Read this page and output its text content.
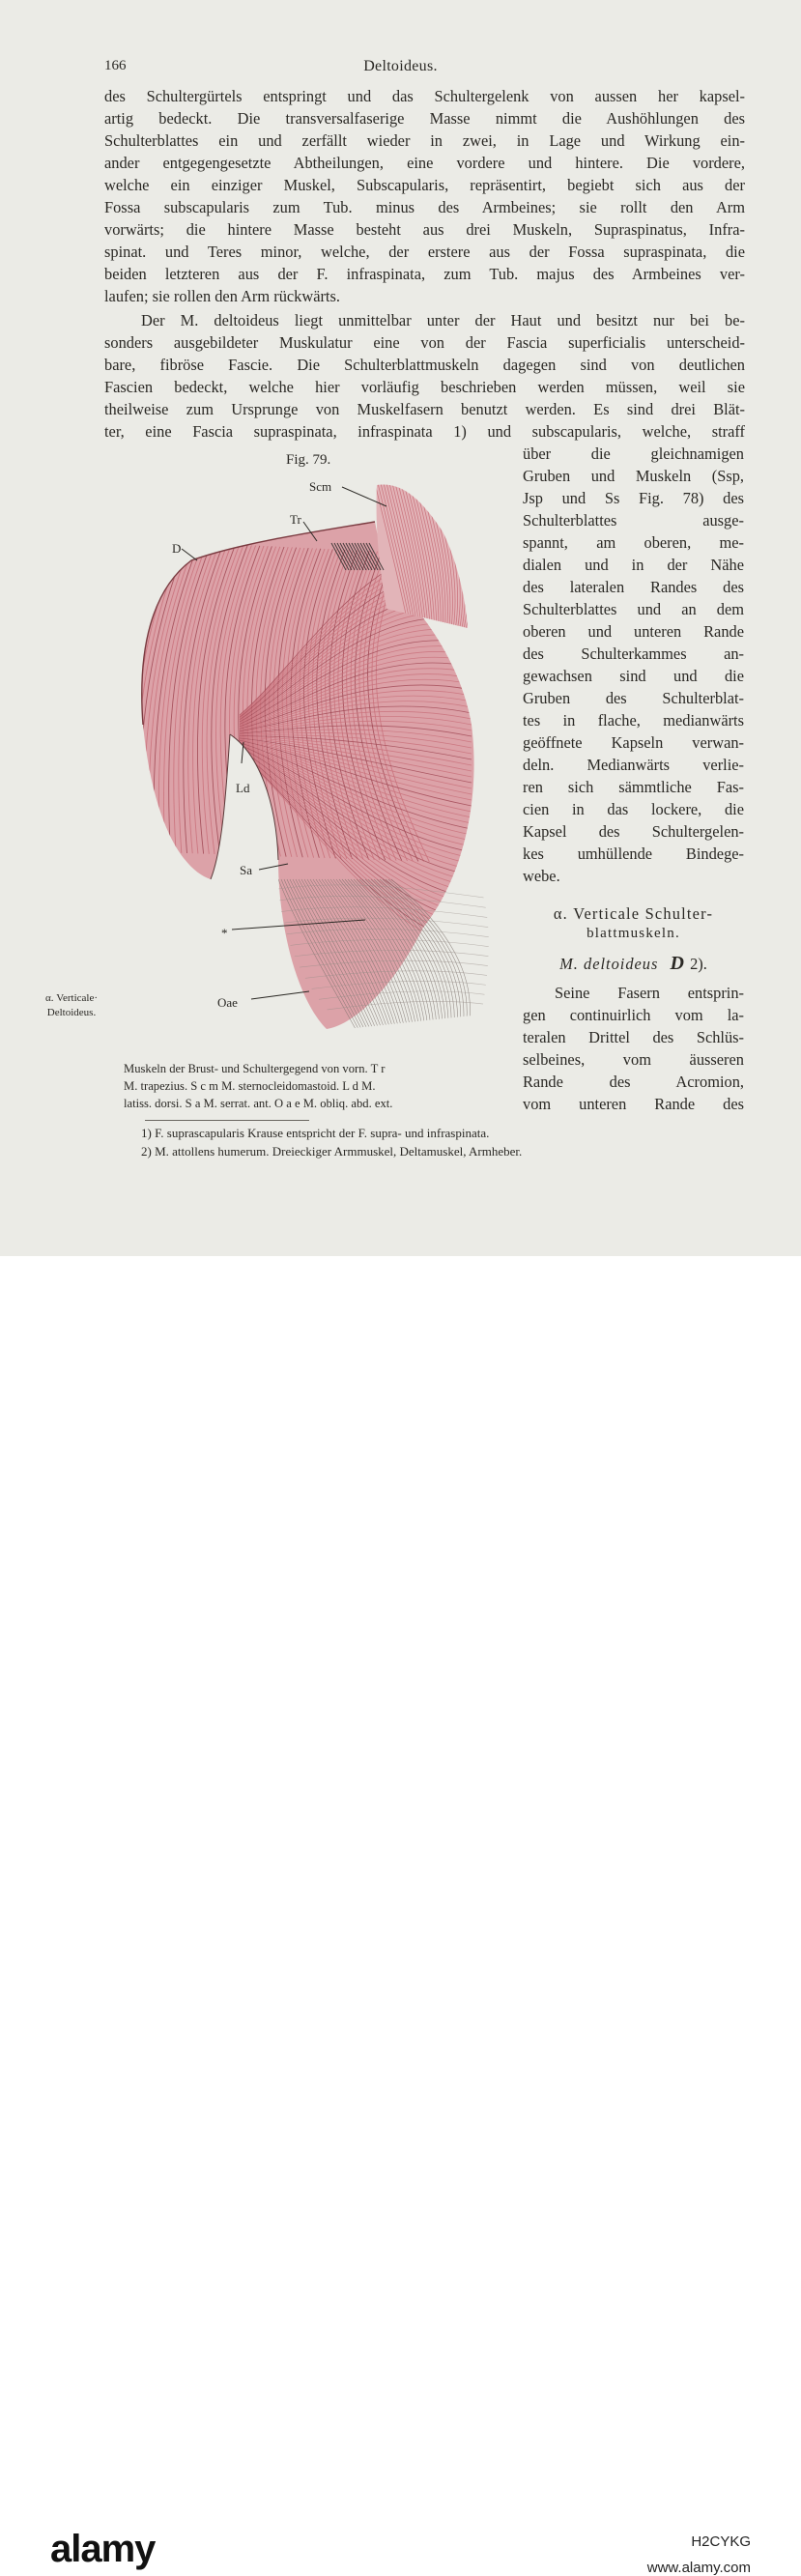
166	Deltoideus.
des Schultergürtels entspringt und das Schultergelenk von aussen her kapsel-
artig bedeckt. Die transversalfaserige Masse nimmt die Aushöhlungen des
Schulterblattes ein und zerfällt wieder in zwei, in Lage und Wirkung ein-
ander entgegengesetzte Abtheilungen, eine vordere und hintere. Die vordere,
welche ein einziger Muskel, Subscapularis, repräsentirt, begiebt sich aus der
Fossa subscapularis zum Tub. minus des Armbeines; sie rollt den Arm
vorwärts; die hintere Masse besteht aus drei Muskeln, Supraspinatus, Infra-
spinat. und Teres minor, welche, der erstere aus der Fossa supraspinata, die
beiden letzteren aus der F. infraspinata, zum Tub. majus des Armbeines ver-
laufen; sie rollen den Arm rückwärts.
Der M. deltoideus liegt unmittelbar unter der Haut und besitzt nur bei be-
sonders ausgebildeter Muskulatur eine von der Fascia superficialis unterscheid-
bare, fibröse Fascie. Die Schulterblattmuskeln dagegen sind von deutlichen
Fascien bedeckt, welche hier vorläufig beschrieben werden müssen, weil sie
theilweise zum Ursprunge von Muskelfasern benutzt werden. Es sind drei Blät-
ter, eine Fascia supraspinata, infraspinata 1) und subscapularis, welche, straff
über die gleichnamigen
Gruben und Muskeln (Ssp,
Jsp und Ss Fig. 78) des
Schulterblattes ausge-
spannt, am oberen, me-
dialen und in der Nähe
des lateralen Randes des
Schulterblattes und an dem
oberen und unteren Rande
des Schulterkammes an-
gewachsen sind und die
Gruben des Schulterblat-
tes in flache, medianwärts
geöffnete Kapseln verwan-
deln. Medianwärts verlie-
ren sich sämmtliche Fas-
cien in das lockere, die
Kapsel des Schultergelen-
kes umhüllende Bindege-
webe.
α. Verticale Schulter-
blattmuskeln.
M. deltoideus D 2).
Seine Fasern entsprin-
gen continuirlich vom la-
teralen Drittel des Schlüs-
selbeines, vom äusseren
Rande des Acromion,
vom unteren Rande des
Fig. 79.
Scm
Tr
D
Ld
Sa
*
Oae
Muskeln der Brust- und Schultergegend von vorn. T r
M. trapezius. S c m M. sternocleidomastoid. L d M.
latiss. dorsi. S a M. serrat. ant. O a e M. obliq. abd. ext.
α. Verticale·
Deltoideus.
1) F. suprascapularis Krause entspricht der F. supra- und infraspinata.
2) M. attollens humerum. Dreieckiger Armmuskel, Deltamuskel, Armheber.
alamy	H2CYKG
www.alamy.com
